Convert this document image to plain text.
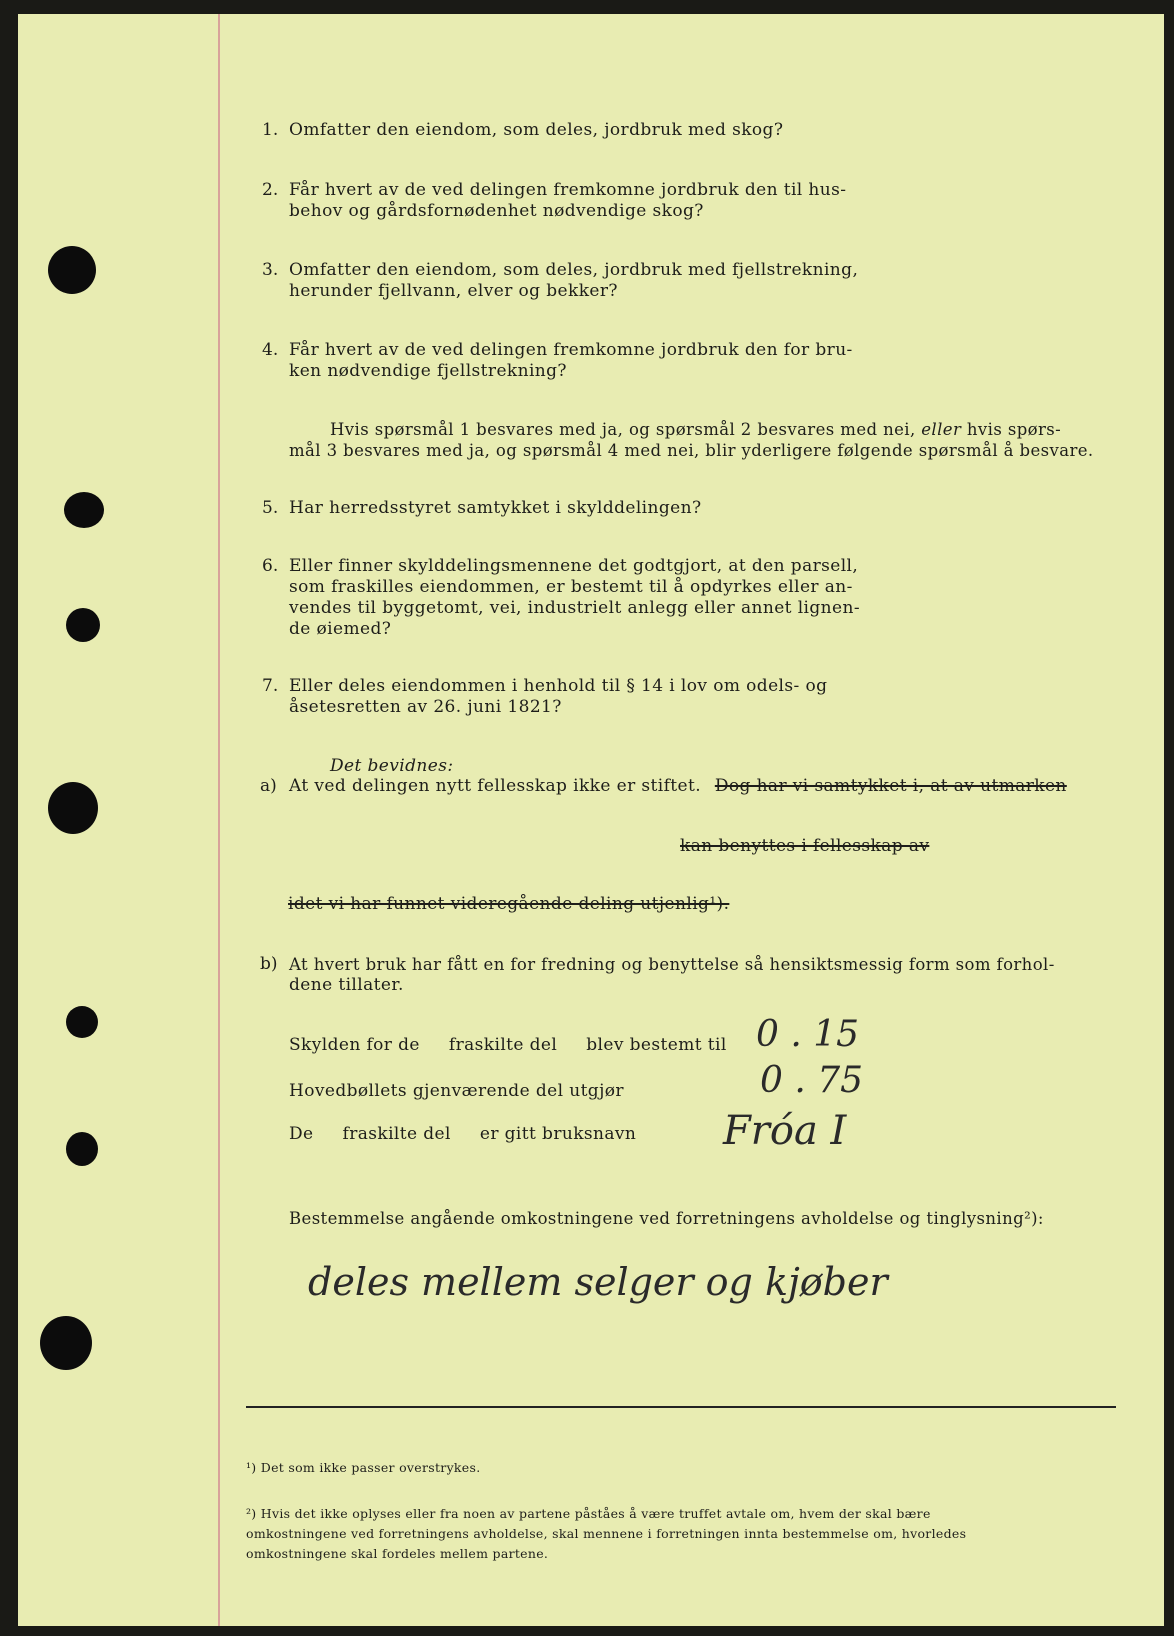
1. Omfatter den eiendom, som deles, jordbruk med skog?
2. Får hvert av de ved delingen fremkomne jordbruk den til hus-
behov og gårdsfornødenhet nødvendige skog?
3. Omfatter den eiendom, som deles, jordbruk med fjellstrekning,
herunder fjellvann, elver og bekker?
4. Får hvert av de ved delingen fremkomne jordbruk den for bru-
ken nødvendige fjellstrekning?
Hvis spørsmål 1 besvares med ja, og spørsmål 2 besvares med nei, eller hvis spørs-
mål 3 besvares med ja, og spørsmål 4 med nei, blir yderligere følgende spørsmål å besvare.
5. Har herredsstyret samtykket i skylddelingen?
6. Eller finner skylddelingsmennene det godtgjort, at den parsell,
som fraskilles eiendommen, er bestemt til å opdyrkes eller an-
vendes til byggetomt, vei, industrielt anlegg eller annet lignen-
de øiemed?
7. Eller deles eiendommen i henhold til § 14 i lov om odels- og
åsetesretten av 26. juni 1821?
Det bevidnes:
a) At ved delingen nytt fellesskap ikke er stiftet. Dog har vi samtykket i, at av utmarken
kan benyttes i fellesskap av
idet vi har funnet videregående deling utjenlig¹).
b) At hvert bruk har fått en for fredning og benyttelse så hensiktsmessig form som forhol-
dene tillater.
Skylden for de     fraskilte del     blev bestemt til 0 . 15
Hovedbøllets gjenværende del utgjør	0 . 75
De     fraskilte del     er gitt bruksnavn Fróa I
Bestemmelse angående omkostningene ved forretningens avholdelse og tinglysning²):
deles mellem selger og kjøber
¹) Det som ikke passer overstrykes.
²) Hvis det ikke oplyses eller fra noen av partene påståes å være truffet avtale om, hvem der skal bære
omkostningene ved forretningens avholdelse, skal mennene i forretningen innta bestemmelse om, hvorledes
omkostningene skal fordeles mellem partene.
